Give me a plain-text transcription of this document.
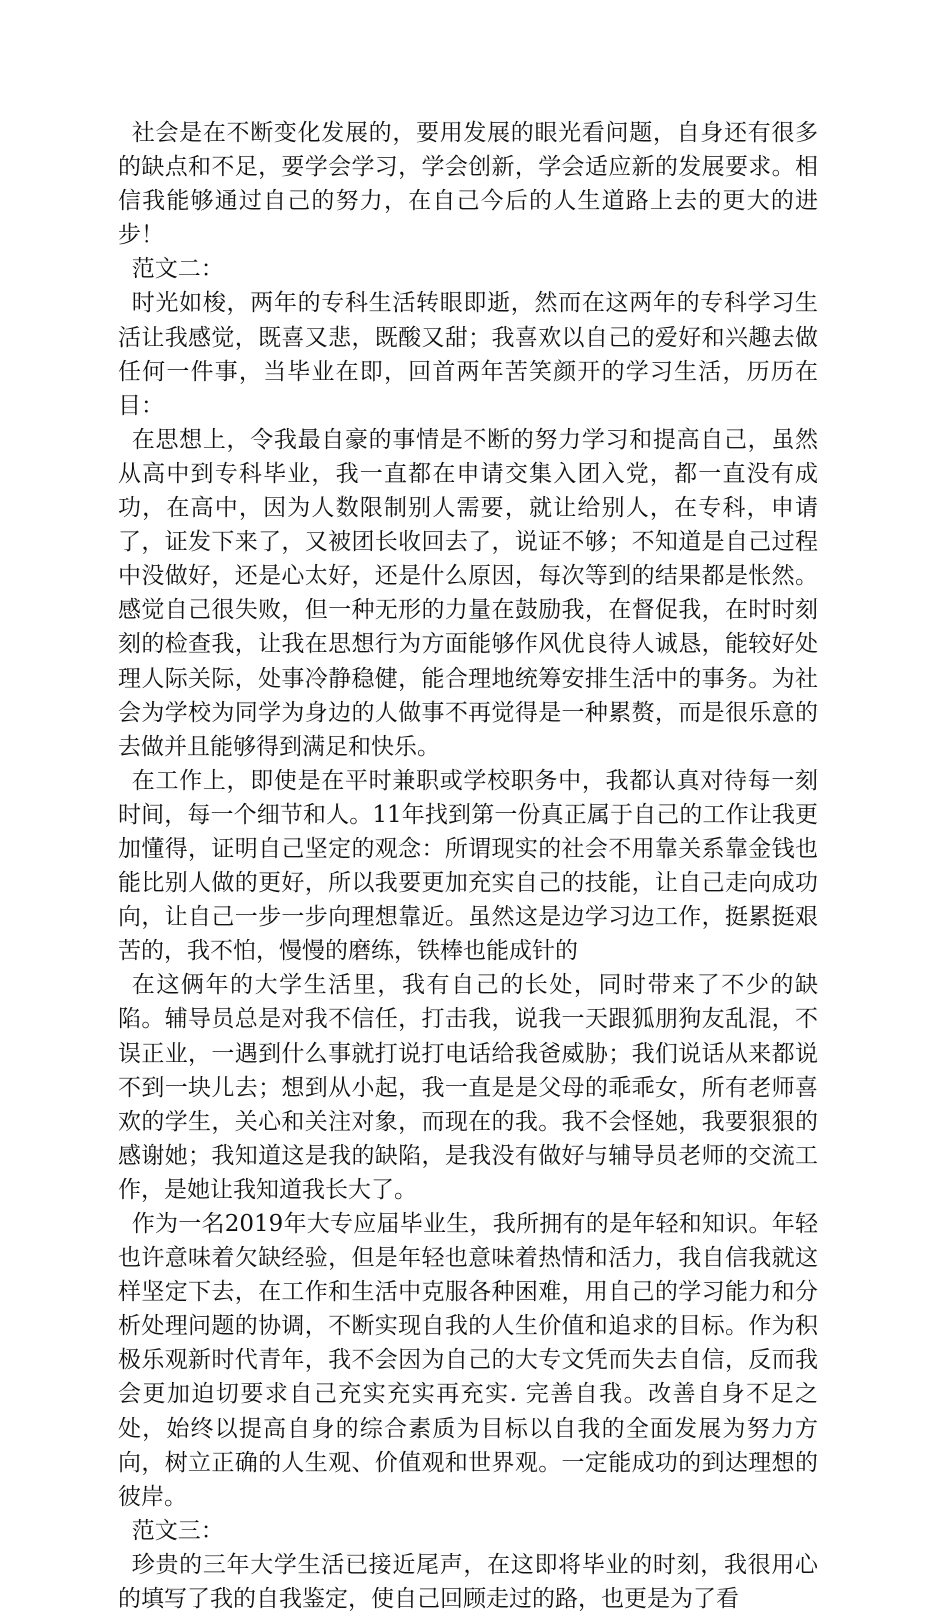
社会是在不断变化发展的，要用发展的眼光看问题，自身还有很多的缺点和不足，要学会学习，学会创新，学会适应新的发展要求。相信我能够通过自己的努力，在自己今后的人生道路上去的更大的进步！

范文二：

时光如梭，两年的专科生活转眼即逝，然而在这两年的专科学习生活让我感觉，既喜又悲，既酸又甜；我喜欢以自己的爱好和兴趣去做任何一件事，当毕业在即，回首两年苦笑颜开的学习生活，历历在目：

在思想上，令我最自豪的事情是不断的努力学习和提高自己，虽然从高中到专科毕业，我一直都在申请交集入团入党，都一直没有成功，在高中，因为人数限制别人需要，就让给别人，在专科，申请了，证发下来了，又被团长收回去了，说证不够；不知道是自己过程中没做好，还是心太好，还是什么原因，每次等到的结果都是怅然。感觉自己很失败，但一种无形的力量在鼓励我，在督促我，在时时刻刻的检查我，让我在思想行为方面能够作风优良待人诚恳，能较好处理人际关际，处事冷静稳健，能合理地统筹安排生活中的事务。为社会为学校为同学为身边的人做事不再觉得是一种累赘，而是很乐意的去做并且能够得到满足和快乐。

在工作上，即使是在平时兼职或学校职务中，我都认真对待每一刻时间，每一个细节和人。11年找到第一份真正属于自己的工作让我更加懂得，证明自己坚定的观念：所谓现实的社会不用靠关系靠金钱也能比别人做的更好，所以我要更加充实自己的技能，让自己走向成功向，让自己一步一步向理想靠近。虽然这是边学习边工作，挺累挺艰苦的，我不怕，慢慢的磨练，铁棒也能成针的

在这俩年的大学生活里，我有自己的长处，同时带来了不少的缺陷。辅导员总是对我不信任，打击我，说我一天跟狐朋狗友乱混，不误正业，一遇到什么事就打说打电话给我爸威胁；我们说话从来都说不到一块儿去；想到从小起，我一直是是父母的乖乖女，所有老师喜欢的学生，关心和关注对象，而现在的我。我不会怪她，我要狠狠的感谢她；我知道这是我的缺陷，是我没有做好与辅导员老师的交流工作，是她让我知道我长大了。

作为一名2019年大专应届毕业生，我所拥有的是年轻和知识。年轻也许意味着欠缺经验，但是年轻也意味着热情和活力，我自信我就这样坚定下去，在工作和生活中克服各种困难，用自己的学习能力和分析处理问题的协调，不断实现自我的人生价值和追求的目标。作为积极乐观新时代青年，我不会因为自己的大专文凭而失去自信，反而我会更加迫切要求自己充实充实再充实. 完善自我。改善自身不足之处，始终以提高自身的综合素质为目标以自我的全面发展为努力方向，树立正确的人生观、价值观和世界观。一定能成功的到达理想的彼岸。

范文三：

珍贵的三年大学生活已接近尾声，在这即将毕业的时刻，我很用心的填写了我的自我鉴定，使自己回顾走过的路，也更是为了看
